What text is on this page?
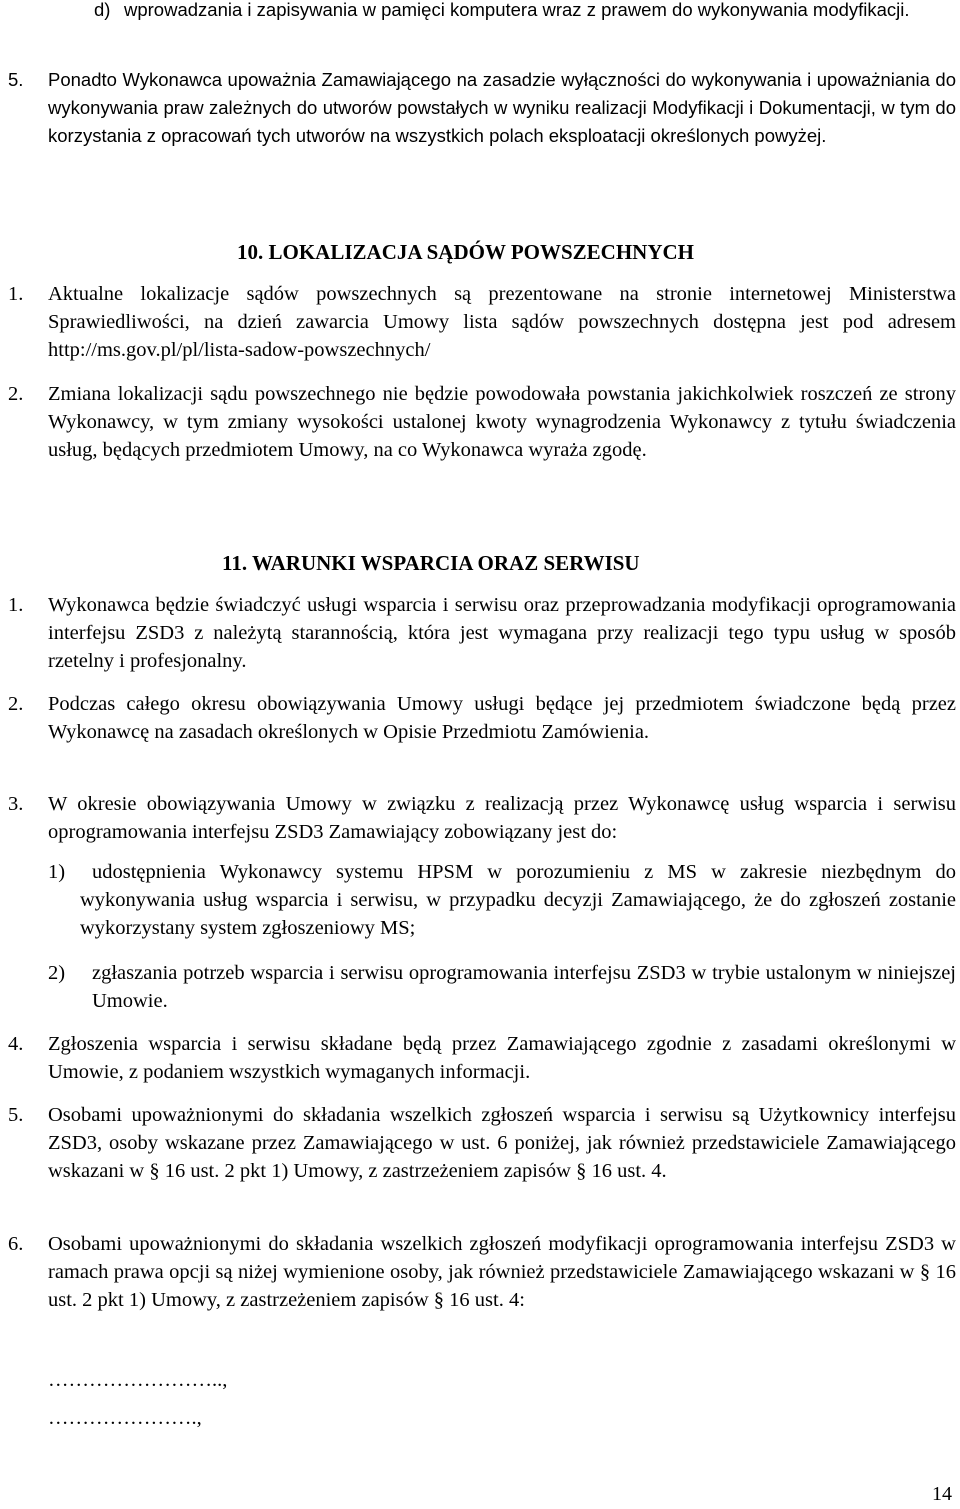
d) wprowadzania i zapisywania w pamięci komputera wraz z prawem do wykonywania modyfikacji.
5. Ponadto Wykonawca upoważnia Zamawiającego na zasadzie wyłączności do wykonywania i upoważniania do wykonywania praw zależnych do utworów powstałych w wyniku realizacji Modyfikacji i Dokumentacji, w tym do korzystania z opracowań tych utworów na wszystkich polach eksploatacji określonych powyżej.
10. LOKALIZACJA SĄDÓW POWSZECHNYCH
1. Aktualne lokalizacje sądów powszechnych są prezentowane na stronie internetowej Ministerstwa Sprawiedliwości, na dzień zawarcia Umowy lista sądów powszechnych dostępna jest pod adresem http://ms.gov.pl/pl/lista-sadow-powszechnych/
2. Zmiana lokalizacji sądu powszechnego nie będzie powodowała powstania jakichkolwiek roszczeń ze strony Wykonawcy, w tym zmiany wysokości ustalonej kwoty wynagrodzenia Wykonawcy z tytułu świadczenia usług, będących przedmiotem Umowy, na co Wykonawca wyraża zgodę.
11. WARUNKI WSPARCIA ORAZ SERWISU
1. Wykonawca będzie świadczyć usługi wsparcia i serwisu oraz przeprowadzania modyfikacji oprogramowania interfejsu ZSD3 z należytą starannością, która jest wymagana przy realizacji tego typu usług w sposób rzetelny i profesjonalny.
2. Podczas całego okresu obowiązywania Umowy usługi będące jej przedmiotem świadczone będą przez Wykonawcę na zasadach określonych w Opisie Przedmiotu Zamówienia.
3. W okresie obowiązywania Umowy w związku z realizacją przez Wykonawcę usług wsparcia i serwisu oprogramowania interfejsu ZSD3 Zamawiający zobowiązany jest do:
1)	udostępnienia Wykonawcy systemu HPSM w porozumieniu z MS w zakresie niezbędnym do wykonywania usług wsparcia i serwisu, w przypadku decyzji Zamawiającego, że do zgłoszeń zostanie wykorzystany system zgłoszeniowy MS;
2) zgłaszania potrzeb wsparcia i serwisu oprogramowania interfejsu ZSD3 w trybie ustalonym w niniejszej Umowie.
4. Zgłoszenia wsparcia i serwisu składane będą przez Zamawiającego zgodnie z zasadami określonymi w Umowie, z podaniem wszystkich wymaganych informacji.
5. Osobami upoważnionymi do składania wszelkich zgłoszeń wsparcia i serwisu są Użytkownicy interfejsu ZSD3, osoby wskazane przez Zamawiającego w ust. 6 poniżej, jak również przedstawiciele Zamawiającego wskazani w § 16 ust. 2 pkt 1) Umowy, z zastrzeżeniem zapisów § 16 ust. 4.
6. Osobami upoważnionymi do składania wszelkich zgłoszeń modyfikacji oprogramowania interfejsu ZSD3 w ramach prawa opcji są niżej wymienione osoby, jak również przedstawiciele Zamawiającego wskazani w § 16 ust. 2 pkt 1) Umowy, z zastrzeżeniem zapisów § 16 ust. 4:
……………………..,
………………….,
14
